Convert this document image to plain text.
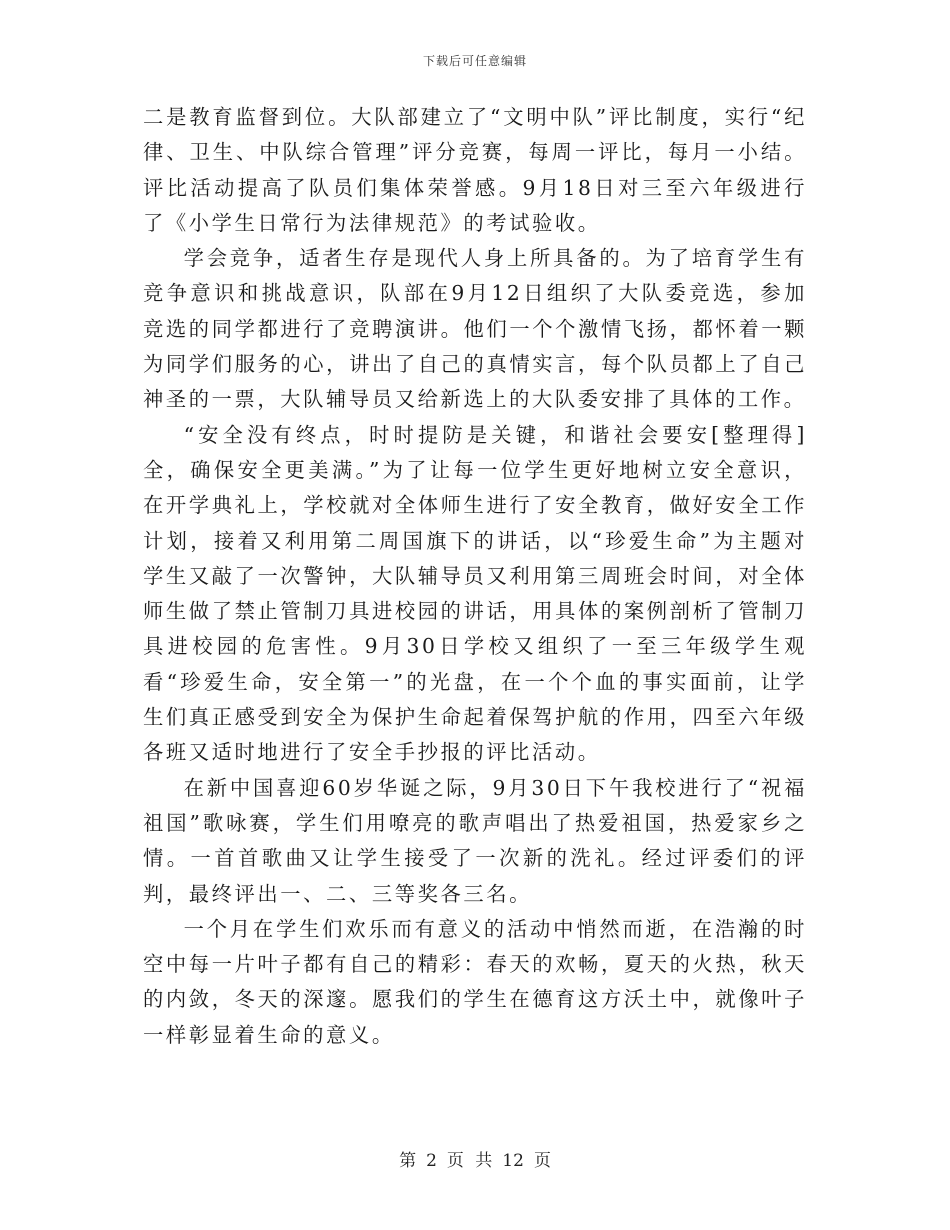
下载后可任意编辑

二是教育监督到位。大队部建立了“文明中队”评比制度，实行“纪律、卫生、中队综合管理”评分竞赛，每周一评比，每月一小结。评比活动提高了队员们集体荣誉感。9月18日对三至六年级进行了《小学生日常行为法律规范》的考试验收。

学会竞争，适者生存是现代人身上所具备的。为了培育学生有竞争意识和挑战意识，队部在9月12日组织了大队委竞选，参加竞选的同学都进行了竞聘演讲。他们一个个激情飞扬，都怀着一颗为同学们服务的心，讲出了自己的真情实言，每个队员都上了自己神圣的一票，大队辅导员又给新选上的大队委安排了具体的工作。

“安全没有终点，时时提防是关键，和谐社会要安[整理得]全，确保安全更美满。”为了让每一位学生更好地树立安全意识，在开学典礼上，学校就对全体师生进行了安全教育，做好安全工作计划，接着又利用第二周国旗下的讲话，以“珍爱生命”为主题对学生又敲了一次警钟，大队辅导员又利用第三周班会时间，对全体师生做了禁止管制刀具进校园的讲话，用具体的案例剖析了管制刀具进校园的危害性。9月30日学校又组织了一至三年级学生观看“珍爱生命，安全第一”的光盘，在一个个血的事实面前，让学生们真正感受到安全为保护生命起着保驾护航的作用，四至六年级各班又适时地进行了安全手抄报的评比活动。

在新中国喜迎60岁华诞之际，9月30日下午我校进行了“祝福祖国”歌咏赛，学生们用嘹亮的歌声唱出了热爱祖国，热爱家乡之情。一首首歌曲又让学生接受了一次新的洗礼。经过评委们的评判，最终评出一、二、三等奖各三名。

一个月在学生们欢乐而有意义的活动中悄然而逝，在浩瀚的时空中每一片叶子都有自己的精彩：春天的欢畅，夏天的火热，秋天的内敛，冬天的深邃。愿我们的学生在德育这方沃土中，就像叶子一样彰显着生命的意义。

第 2 页 共 12 页
